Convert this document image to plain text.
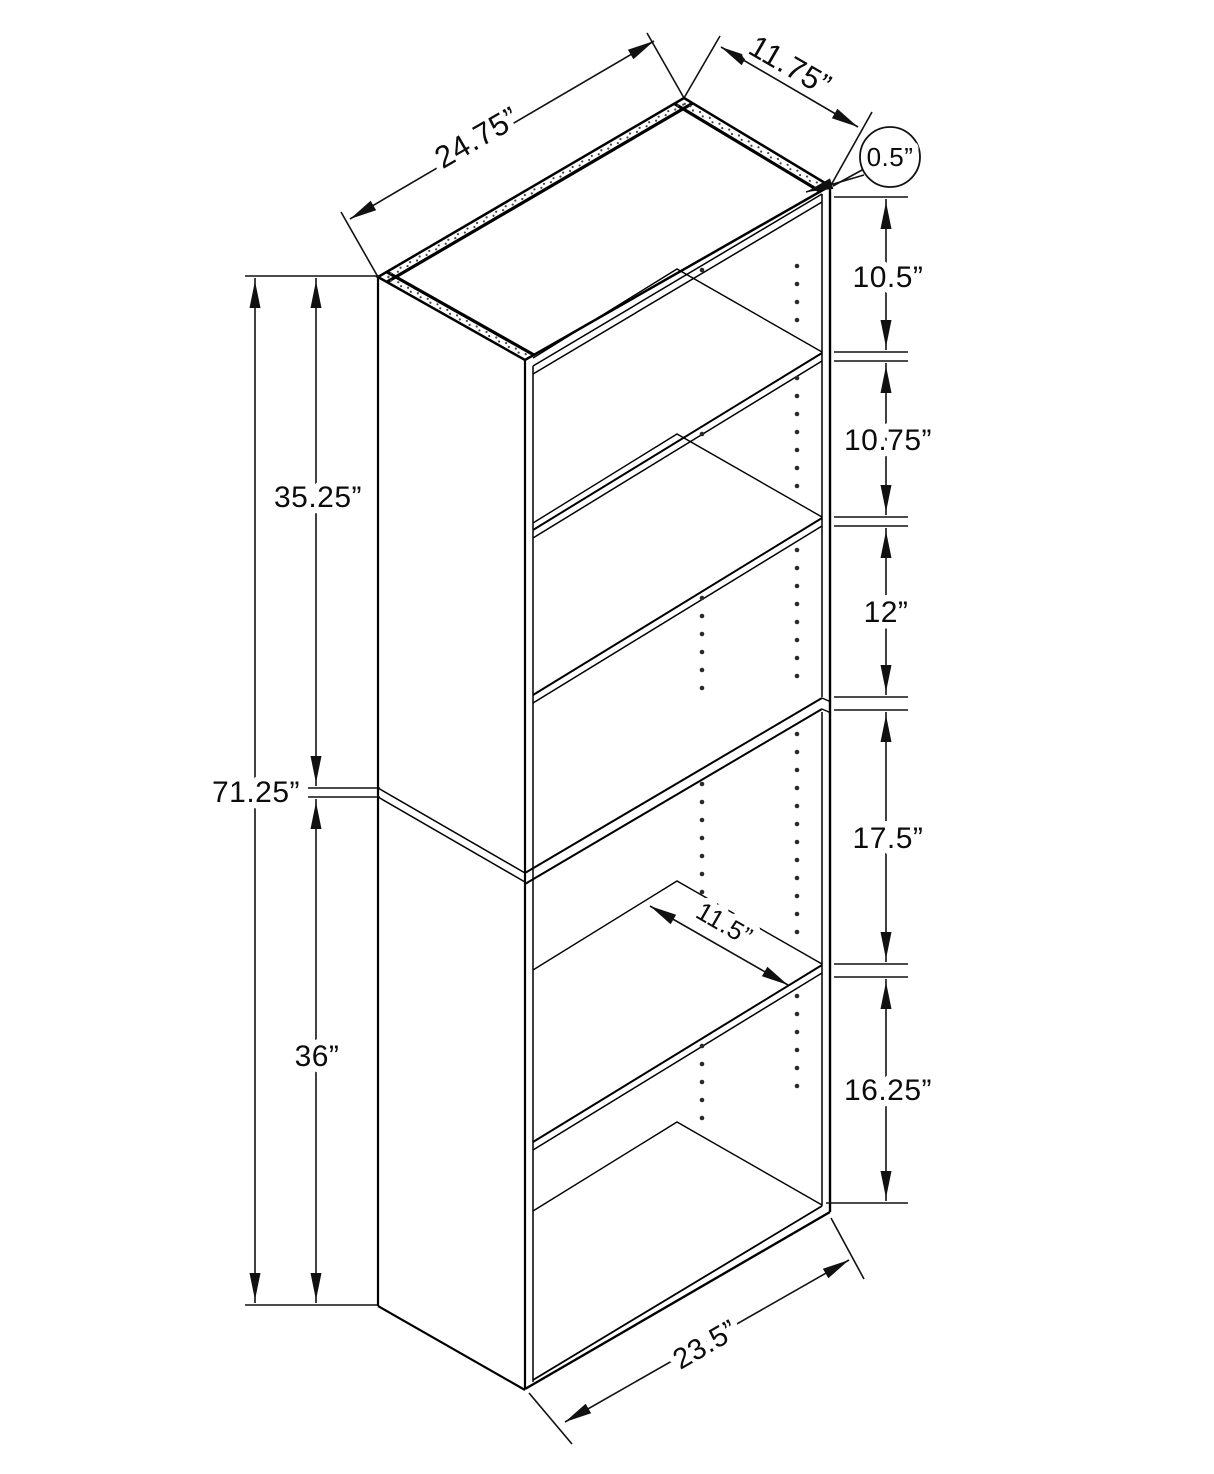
24.75”
11.75”
0.5”
10.5”
10.75”
12”
17.5”
16.25”
35.25”
71.25”
36”
11.5”
23.5”
